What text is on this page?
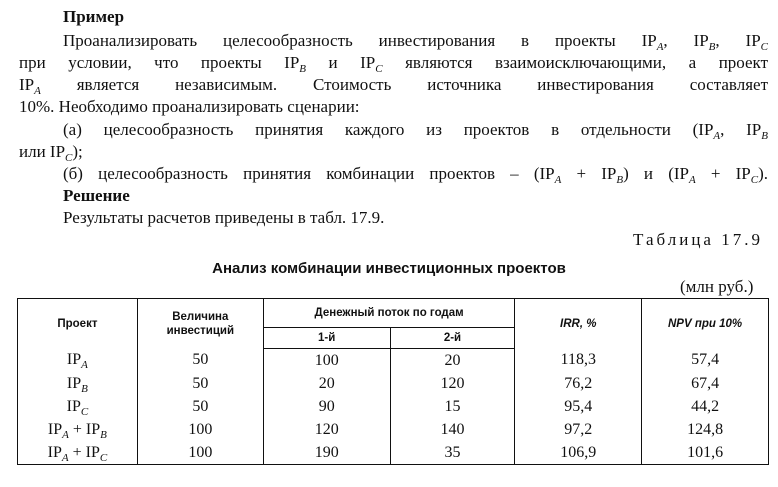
Пример
Проанализировать целесообразность инвестирования в проекты $IP_A$, $IP_B$, $IP_C$
при условии, что проекты $IP_B$ и $IP_C$ являются взаимоисключающими, а проект
$IP_A$ является независимым. Стоимость источника инвестирования составляет
10%. Необходимо проанализировать сценарии:
(а) целесообразность принятия каждого из проектов в отдельности ($IP_A$, $IP_B$
или $IP_C$);
(б) целесообразность принятия комбинации проектов – $(IP_A + IP_B)$ и $(IP_A + IP_C)$.
Решение
Результаты расчетов приведены в табл. 17.9.
Таблица 17.9
Анализ комбинации инвестиционных проектов
(млн руб.)
Проект	Величина инвестиций	Денежный поток по годам		IRR, %	NPV при 10%
		1-й	2-й		
$IP_A$	50	100	20	118,3	57,4
$IP_B$	50	20	120	76,2	67,4
$IP_C$	50	90	15	95,4	44,2
$IP_A + IP_B$	100	120	140	97,2	124,8
$IP_A + IP_C$	100	190	35	106,9	101,6
